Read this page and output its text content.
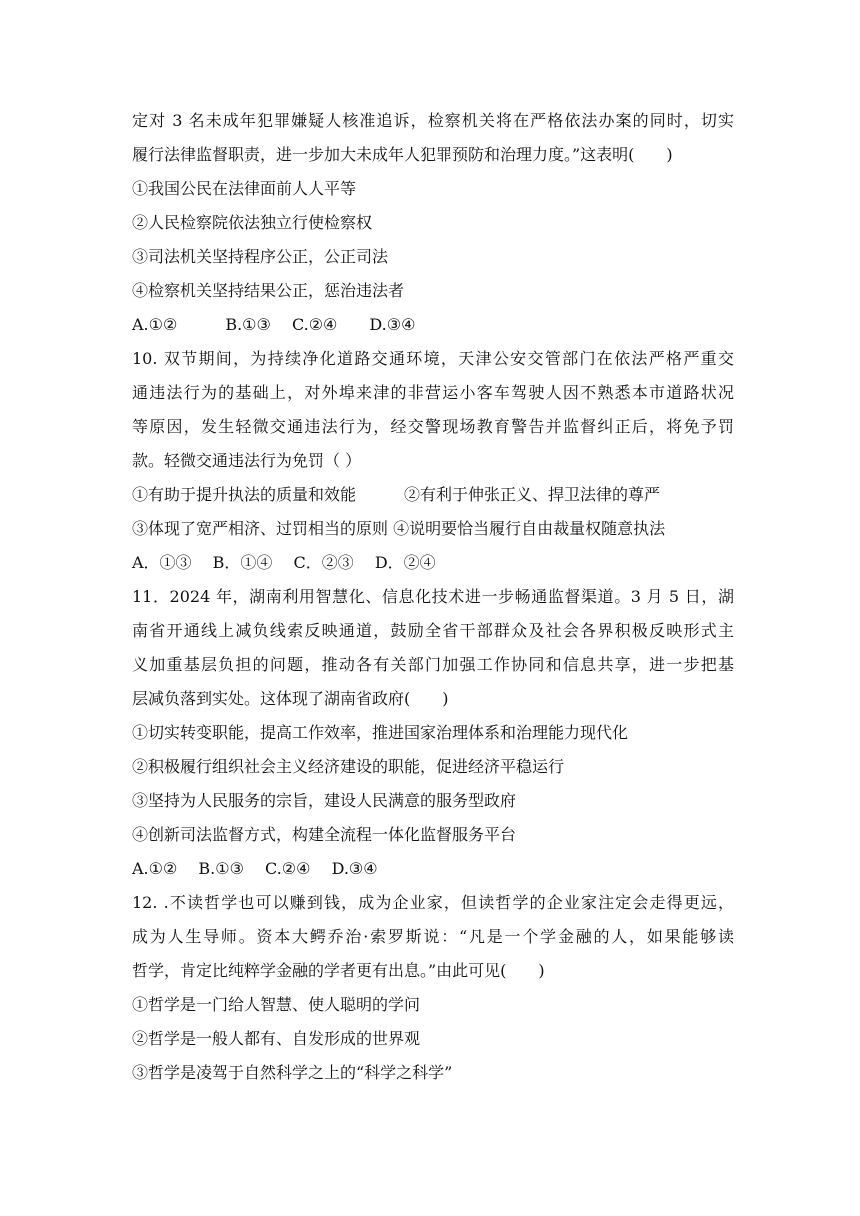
定对 3 名未成年犯罪嫌疑人核准追诉，检察机关将在严格依法办案的同时，切实
履行法律监督职责，进一步加大未成年人犯罪预防和治理力度。”这表明(　　)
①我国公民在法律面前人人平等
②人民检察院依法独立行使检察权
③司法机关坚持程序公正，公正司法
④检察机关坚持结果公正，惩治违法者
A.①②　　　B.①③　 C.②④　　D.③④
10. 双节期间，为持续净化道路交通环境，天津公安交管部门在依法严格严重交
通违法行为的基础上，对外埠来津的非营运小客车驾驶人因不熟悉本市道路状况
等原因，发生轻微交通违法行为，经交警现场教育警告并监督纠正后，将免予罚
款。轻微交通违法行为免罚（ ）
①有助于提升执法的质量和效能　　　②有利于伸张正义、捍卫法律的尊严
③体现了宽严相济、过罚相当的原则 ④说明要恰当履行自由裁量权随意执法
A．①③　 B．①④　 C．②③　 D．②④
11．2024 年，湖南利用智慧化、信息化技术进一步畅通监督渠道。3 月 5 日，湖
南省开通线上减负线索反映通道，鼓励全省干部群众及社会各界积极反映形式主
义加重基层负担的问题，推动各有关部门加强工作协同和信息共享，进一步把基
层减负落到实处。这体现了湖南省政府(　　)
①切实转变职能，提高工作效率，推进国家治理体系和治理能力现代化
②积极履行组织社会主义经济建设的职能，促进经济平稳运行
③坚持为人民服务的宗旨，建设人民满意的服务型政府
④创新司法监督方式，构建全流程一体化监督服务平台
A.①②　 B.①③　 C.②④　 D.③④
12. .不读哲学也可以赚到钱，成为企业家，但读哲学的企业家注定会走得更远，
成为人生导师。资本大鳄乔治·索罗斯说：“凡是一个学金融的人，如果能够读
哲学，肯定比纯粹学金融的学者更有出息。”由此可见(　　)
①哲学是一门给人智慧、使人聪明的学问
②哲学是一般人都有、自发形成的世界观
③哲学是凌驾于自然科学之上的“科学之科学”
